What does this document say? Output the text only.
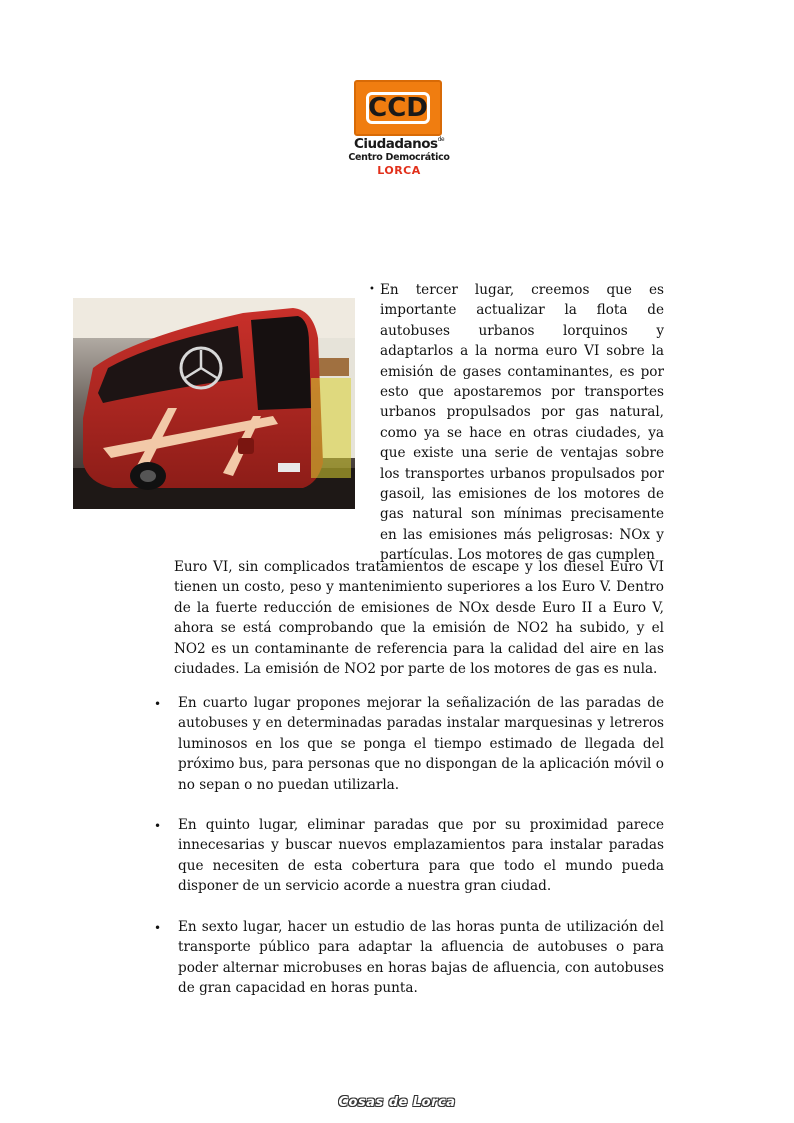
CCD
Ciudadanos$^{de}$
Centro Democrático
LORCA
• En tercer lugar, creemos que es importante actualizar la flota de autobuses urbanos lorquinos y adaptarlos a la norma euro VI sobre la emisión de gases contaminantes, es por esto que apostaremos por transportes urbanos propulsados por gas natural, como ya se hace en otras ciudades, ya que existe una serie de ventajas sobre los transportes urbanos propulsados por gasoil, las emisiones de los motores de gas natural son mínimas precisamente en las emisiones más peligrosas: NOx y partículas. Los motores de gas cumplen

Euro VI, sin complicados tratamientos de escape y los diesel Euro VI tienen un costo, peso y mantenimiento superiores a los Euro V. Dentro de la fuerte reducción de emisiones de NOx desde Euro II a Euro V, ahora se está comprobando que la emisión de NO2 ha subido, y el NO2 es un contaminante de referencia para la calidad del aire en las ciudades. La emisión de NO2 por parte de los motores de gas es nula.

• En cuarto lugar propones mejorar la señalización de las paradas de autobuses y en determinadas paradas instalar marquesinas y letreros luminosos en los que se ponga el tiempo estimado de llegada del próximo bus, para personas que no dispongan de la aplicación móvil o no sepan o no puedan utilizarla.

• En quinto lugar, eliminar paradas que por su proximidad parece innecesarias y buscar nuevos emplazamientos para instalar paradas que necesiten de esta cobertura para que todo el mundo pueda disponer de un servicio acorde a nuestra gran ciudad.

• En sexto lugar, hacer un estudio de las horas punta de utilización del transporte público para adaptar la afluencia de autobuses o para poder alternar microbuses en horas bajas de afluencia, con autobuses de gran capacidad en horas punta.

Cosas de Lorca
